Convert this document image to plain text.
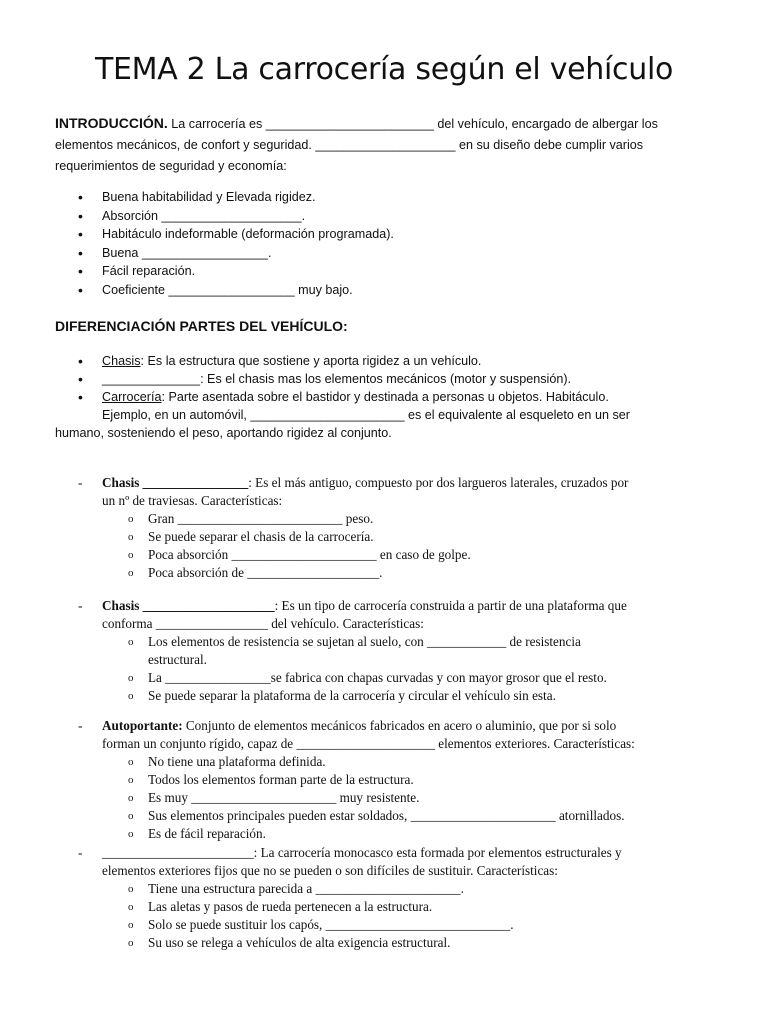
TEMA 2 La carrocería según el vehículo
INTRODUCCIÓN. La carrocería es ________________________ del vehículo, encargado de albergar los
elementos mecánicos, de confort y seguridad. ____________________ en su diseño debe cumplir varios
requerimientos de seguridad y economía:
• Buena habitabilidad y Elevada rigidez.
• Absorción ____________________.
• Habitáculo indeformable (deformación programada).
• Buena __________________.
• Fácil reparación.
• Coeficiente __________________ muy bajo.
DIFERENCIACIÓN PARTES DEL VEHÍCULO:
• Chasis: Es la estructura que sostiene y aporta rigidez a un vehículo.
• ______________: Es el chasis mas los elementos mecánicos (motor y suspensión).
• Carrocería: Parte asentada sobre el bastidor y destinada a personas u objetos. Habitáculo.
Ejemplo, en un automóvil, ______________________ es el equivalente al esqueleto en un ser
humano, sosteniendo el peso, aportando rigidez al conjunto.
- Chasis ________________: Es el más antiguo, compuesto por dos largueros laterales, cruzados por
un nº de traviesas. Características:
o Gran _________________________ peso.
o Se puede separar el chasis de la carrocería.
o Poca absorción ______________________ en caso de golpe.
o Poca absorción de ____________________.
- Chasis ____________________: Es un tipo de carrocería construida a partir de una plataforma que
conforma _________________ del vehículo. Características:
o Los elementos de resistencia se sujetan al suelo, con ____________ de resistencia
estructural.
o La ________________se fabrica con chapas curvadas y con mayor grosor que el resto.
o Se puede separar la plataforma de la carrocería y circular el vehículo sin esta.
- Autoportante: Conjunto de elementos mecánicos fabricados en acero o aluminio, que por si solo
forman un conjunto rígido, capaz de _____________________ elementos exteriores. Características:
o No tiene una plataforma definida.
o Todos los elementos forman parte de la estructura.
o Es muy ______________________ muy resistente.
o Sus elementos principales pueden estar soldados, ______________________ atornillados.
o Es de fácil reparación.
- _______________________: La carrocería monocasco esta formada por elementos estructurales y
elementos exteriores fijos que no se pueden o son difíciles de sustituir. Características:
o Tiene una estructura parecida a ______________________.
o Las aletas y pasos de rueda pertenecen a la estructura.
o Solo se puede sustituir los capós, ____________________________.
o Su uso se relega a vehículos de alta exigencia estructural.
